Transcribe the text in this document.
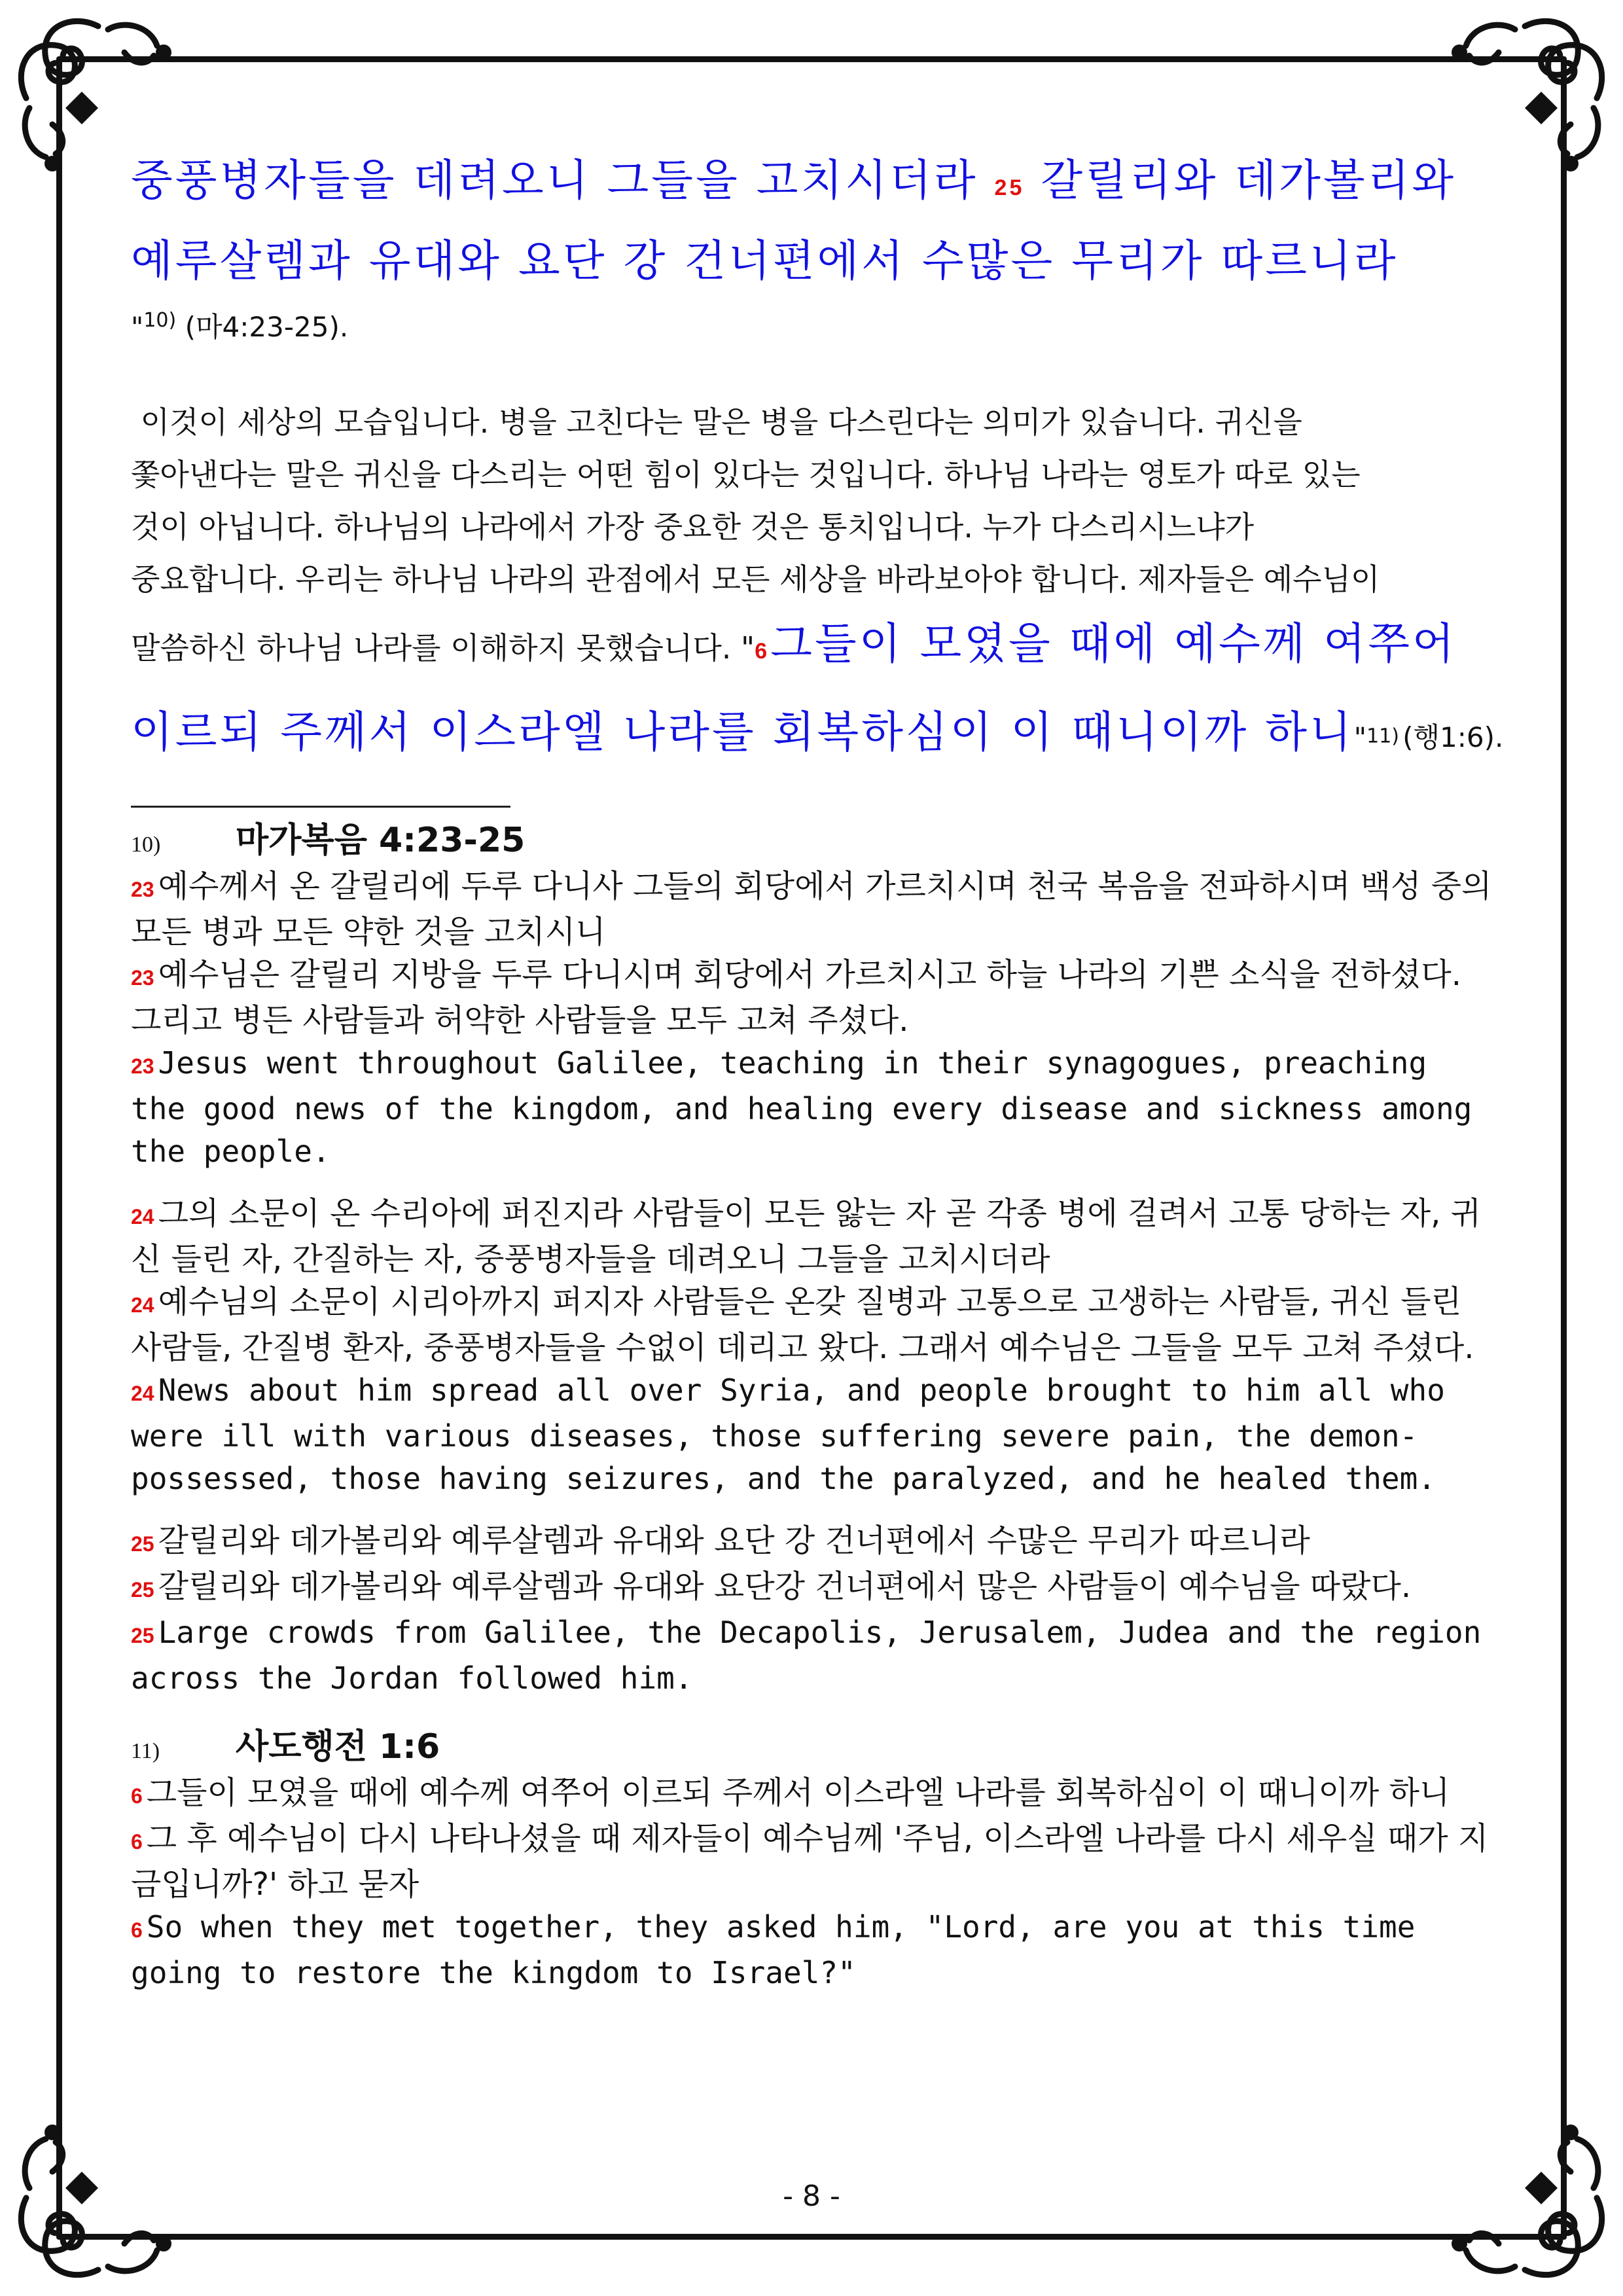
중풍병자들을 데려오니 그들을 고치시더라 25 갈릴리와 데가볼리와
예루살렘과 유대와 요단 강 건너편에서 수많은 무리가 따르니라
"$^{10)}$ (마4:23-25).

이것이 세상의 모습입니다. 병을 고친다는 말은 병을 다스린다는 의미가 있습니다. 귀신을

쫓아낸다는 말은 귀신을 다스리는 어떤 힘이 있다는 것입니다. 하나님 나라는 영토가 따로 있는

것이 아닙니다. 하나님의 나라에서 가장 중요한 것은 통치입니다. 누가 다스리시느냐가

중요합니다. 우리는 하나님 나라의 관점에서 모든 세상을 바라보아야 합니다. 제자들은 예수님이

말씀하신 하나님 나라를 이해하지 못했습니다. "6 그들이 모였을 때에 예수께 여쭈어
이르되 주께서 이스라엘 나라를 회복하심이 이 때니이까 하니"11) (행1:6).
10)	마가복음 4:23-25

23 예수께서 온 갈릴리에 두루 다니사 그들의 회당에서 가르치시며 천국 복음을 전파하시며 백성 중의 모든 병과 모든 약한 것을 고치시니

23 예수님은 갈릴리 지방을 두루 다니시며 회당에서 가르치시고 하늘 나라의 기쁜 소식을 전하셨다. 그리고 병든 사람들과 허약한 사람들을 모두 고쳐 주셨다.

23 Jesus went throughout Galilee, teaching in their synagogues, preaching the good news of the kingdom, and healing every disease and sickness among the people.

24 그의 소문이 온 수리아에 퍼진지라 사람들이 모든 앓는 자 곧 각종 병에 걸려서 고통 당하는 자, 귀신 들린 자, 간질하는 자, 중풍병자들을 데려오니 그들을 고치시더라

24 예수님의 소문이 시리아까지 퍼지자 사람들은 온갖 질병과 고통으로 고생하는 사람들, 귀신 들린 사람들, 간질병 환자, 중풍병자들을 수없이 데리고 왔다. 그래서 예수님은 그들을 모두 고쳐 주셨다.

24 News about him spread all over Syria, and people brought to him all who were ill with various diseases, those suffering severe pain, the demon-possessed, those having seizures, and the paralyzed, and he healed them.

25 갈릴리와 데가볼리와 예루살렘과 유대와 요단 강 건너편에서 수많은 무리가 따르니라

25 갈릴리와 데가볼리와 예루살렘과 유대와 요단강 건너편에서 많은 사람들이 예수님을 따랐다.

25 Large crowds from Galilee, the Decapolis, Jerusalem, Judea and the region across the Jordan followed him.

11)	사도행전 1:6

6 그들이 모였을 때에 예수께 여쭈어 이르되 주께서 이스라엘 나라를 회복하심이 이 때니이까 하니

6 그 후 예수님이 다시 나타나셨을 때 제자들이 예수님께 '주님, 이스라엘 나라를 다시 세우실 때가 지금입니까?' 하고 묻자

6 So when they met together, they asked him, "Lord, are you at this time going to restore the kingdom to Israel?"

- 8 -
